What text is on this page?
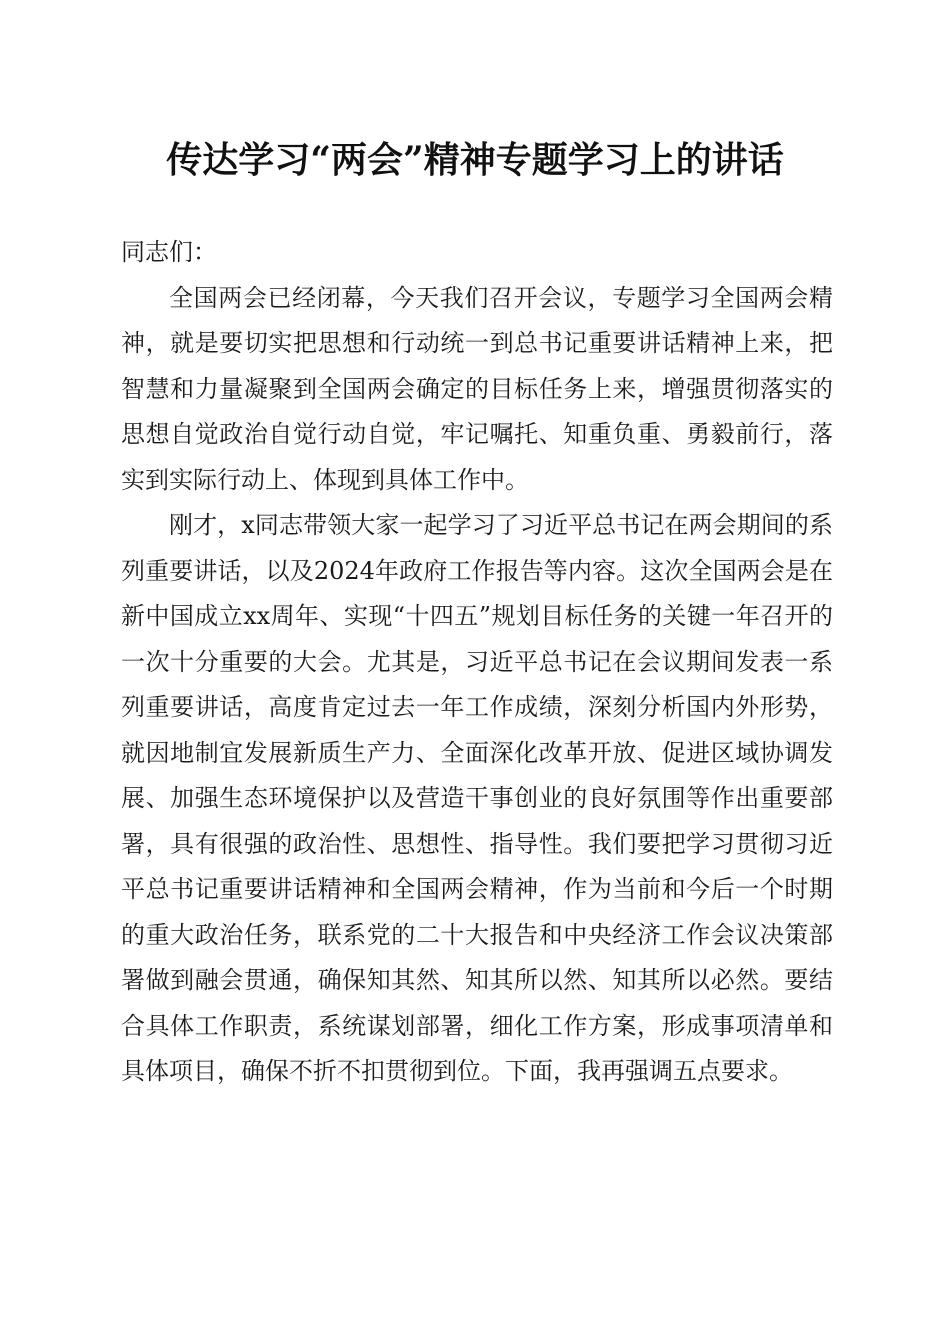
传达学习“两会”精神专题学习上的讲话

同志们：

全国两会已经闭幕，今天我们召开会议，专题学习全国两会精神，就是要切实把思想和行动统一到总书记重要讲话精神上来，把智慧和力量凝聚到全国两会确定的目标任务上来，增强贯彻落实的思想自觉政治自觉行动自觉，牢记嘱托、知重负重、勇毅前行，落实到实际行动上、体现到具体工作中。

刚才，x同志带领大家一起学习了习近平总书记在两会期间的系列重要讲话，以及2024年政府工作报告等内容。这次全国两会是在新中国成立xx周年、实现“十四五”规划目标任务的关键一年召开的一次十分重要的大会。尤其是，习近平总书记在会议期间发表一系列重要讲话，高度肯定过去一年工作成绩，深刻分析国内外形势，就因地制宜发展新质生产力、全面深化改革开放、促进区域协调发展、加强生态环境保护以及营造干事创业的良好氛围等作出重要部署，具有很强的政治性、思想性、指导性。我们要把学习贯彻习近平总书记重要讲话精神和全国两会精神，作为当前和今后一个时期的重大政治任务，联系党的二十大报告和中央经济工作会议决策部署做到融会贯通，确保知其然、知其所以然、知其所以必然。要结合具体工作职责，系统谋划部署，细化工作方案，形成事项清单和具体项目，确保不折不扣贯彻到位。下面，我再强调五点要求。
